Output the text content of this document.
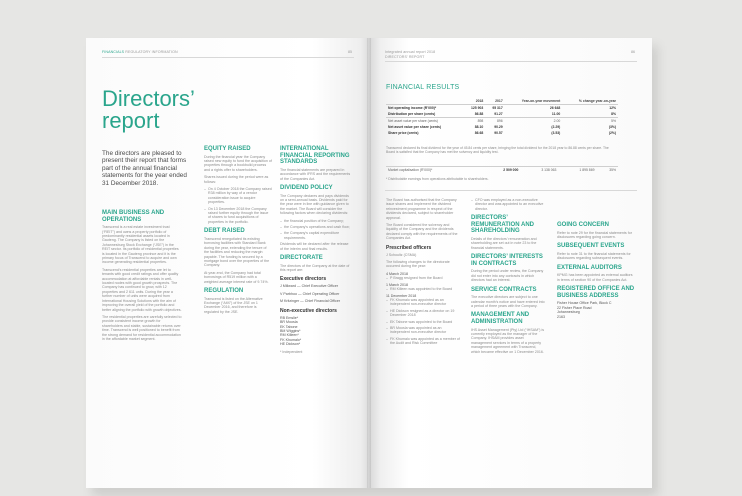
FINANCIALS REGULATORY INFORMATION	85
Directors’ report
The directors are pleased to present their report that forms part of the annual financial statements for the year ended 31 December 2018.
MAIN BUSINESS AND OPERATIONS
Transcend is a real estate investment trust (“REIT”) and owns a property portfolio of predominantly residential assets located in Gauteng. The Company is listed on the Johannesburg Stock Exchange (“JSE”) in the REIT sector. Its portfolio of residential properties is located in the Gauteng province and it is the primary focus of Transcend to acquire and own income generating residential properties.
Transcend’s residential properties are let to tenants with good credit ratings and offer quality accommodation at affordable rentals in well-located nodes with good growth prospects. The Company has continued to grow, with 12 properties and 2 611 units. During the year a further number of units were acquired from International Housing Solutions with the aim of improving the overall yield of the portfolio and better aligning the portfolio with growth objectives.
The residential properties are carefully selected to provide consistent income growth for shareholders and stable, sustainable returns over time. Transcend is well positioned to benefit from the strong demand for residential accommodation in the affordable market segment.
EQUITY RAISED
During the financial year the Company raised new equity to fund the acquisition of properties through a bookbuild process and a rights offer to shareholders.
Shares issued during the period were as follows:
– On 4 October 2018 the Company raised R38 million by way of a vendor consideration issue to acquire properties.
– On 13 December 2018 the Company raised further equity through the issue of shares to fund acquisitions of properties in the portfolio.
DEBT RAISED
Transcend renegotiated its existing borrowing facilities with Standard Bank during the year, extending the tenure of the facilities and reducing the margin payable. The funding is secured by a mortgage bond over the properties of the Company.
At year-end, the Company had total borrowings of R519 million with a weighted average interest rate of 9.74%.
REGULATION
Transcend is listed on the Alternative Exchange (“AltX”) of the JSE on 1 December 2016, and therefore is regulated by the JSE.
INTERNATIONAL FINANCIAL REPORTING STANDARDS
The financial statements are prepared in accordance with IFRS and the requirements of the Companies Act.
DIVIDEND POLICY
The Company declares and pays dividends on a semi-annual basis. Dividends paid for the year were in line with guidance given to the market. The Board will consider the following factors when declaring dividends:
– the financial position of the Company;
– the Company’s operations and cash flow;
– the Company’s capital expenditure requirements.
Dividends will be declared after the release of the interim and final results.
DIRECTORATE
The directors of the Company at the date of this report are:
Executive directors
J Millward — Chief Executive Officer
V Parbhoo — Chief Operating Officer
M Kritzinger — Chief Financial Officer
Non-executive directors
RB Emslie*
BR Moosla
EK Tabone
BM Wiggins*
RM Killeen*
FK Khumalo*
HE Dickson*
* Independent
Integrated annual report 2018
DIRECTORS’ REPORT
86
FINANCIAL RESULTS
	2018	2017	Year-on-year movement	% change year-on-year
Net operating income (R’000)*	125 903	95 317	26 648	12%
Distribution per share (cents)	86.88	91.27	11.00	8%
Net asset value per share (cents)	898	896	2.00	5%
Net asset value per share (cents)	88.10	90.29	(2.29)	(3%)
Share price (cents)	86.68	90.57	(3.53)	(2%)
Transcend declared its final dividend for the year of 45.84 cents per share, bringing the total dividend for the 2018 year to 86.88 cents per share. The Board is satisfied that the Company has met the solvency and liquidity test.
Market capitalisation (R’000)*	2 509 000	3 138 063	1 895 869	35%
* Distributable earnings from operations attributable to shareholders.
The Board has authorised that the Company issue shares and implement the dividend reinvestment programme in respect of the dividends declared, subject to shareholder approval.
The Board considered the solvency and liquidity of the Company and the dividends declared comply with the requirements of the Companies Act.
Prescribed officers
J Schoultz (CSMA)
The following changes to the directorate occurred during the year:
4 March 2018
– P Bragg resigned from the Board
1 March 2018
– RM Killeen was appointed to the Board
11 December 2018
– FK Khumalo was appointed as an independent non-executive director
– HE Dickson resigned as a director on 19 December 2018
– EK Tabone was appointed to the Board
– BR Moosla was appointed as an independent non-executive director
– FK Khumalo was appointed as a member of the Audit and Risk Committee
– CFO was employed as a non-executive director and was appointed to an executive director.
DIRECTORS’ REMUNERATION AND SHAREHOLDING
Details of the directors’ remuneration and shareholding are set out in note 23 to the financial statements.
DIRECTORS’ INTERESTS IN CONTRACTS
During the period under review, the Company did not enter into any contracts in which directors had an interest.
SERVICE CONTRACTS
The executive directors are subject to one calendar month’s notice and have entered into a period of three years with the Company.
MANAGEMENT AND ADMINISTRATION
IHS Asset Management (Pty) Ltd (“IHSAM”) is currently employed as the manager of the Company. IHSAM provides asset management services in terms of a property management agreement with Transcend, which became effective on 1 December 2016.
GOING CONCERN
Refer to note 29 for the financial statements for disclosures regarding going concern.
SUBSEQUENT EVENTS
Refer to note 31 to the financial statements for disclosures regarding subsequent events.
EXTERNAL AUDITORS
KPMG has been appointed as external auditors in terms of section 90 of the Companies Act.
REGISTERED OFFICE AND BUSINESS ADDRESS
Fisher House Office Park, Block C
22 Fisher Place Road
Johannesburg
2163
